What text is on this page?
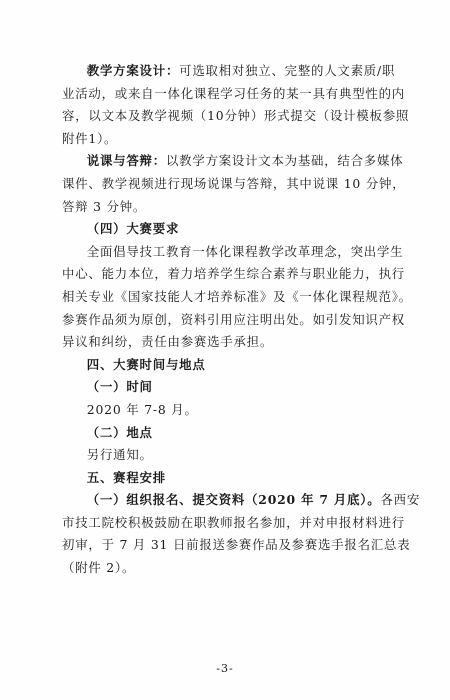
教学方案设计：可选取相对独立、完整的人文素质/职
业活动，或来自一体化课程学习任务的某一具有典型性的内
容，以文本及教学视频（10分钟）形式提交（设计模板参照
附件1）。

说课与答辩：以教学方案设计文本为基础，结合多媒体
课件、教学视频进行现场说课与答辩，其中说课 10 分钟，
答辩 3 分钟。

（四）大赛要求

全面倡导技工教育一体化课程教学改革理念，突出学生
中心、能力本位，着力培养学生综合素养与职业能力，执行
相关专业《国家技能人才培养标准》及《一体化课程规范》。
参赛作品须为原创，资料引用应注明出处。如引发知识产权
异议和纠纷，责任由参赛选手承担。

四、大赛时间与地点

（一）时间

2020 年 7-8 月。

（二）地点

另行通知。

五、赛程安排

（一）组织报名、提交资料（2020 年 7 月底）。各西安
市技工院校积极鼓励在职教师报名参加，并对申报材料进行
初审，于 7 月 31 日前报送参赛作品及参赛选手报名汇总表
（附件 2）。

-3-
